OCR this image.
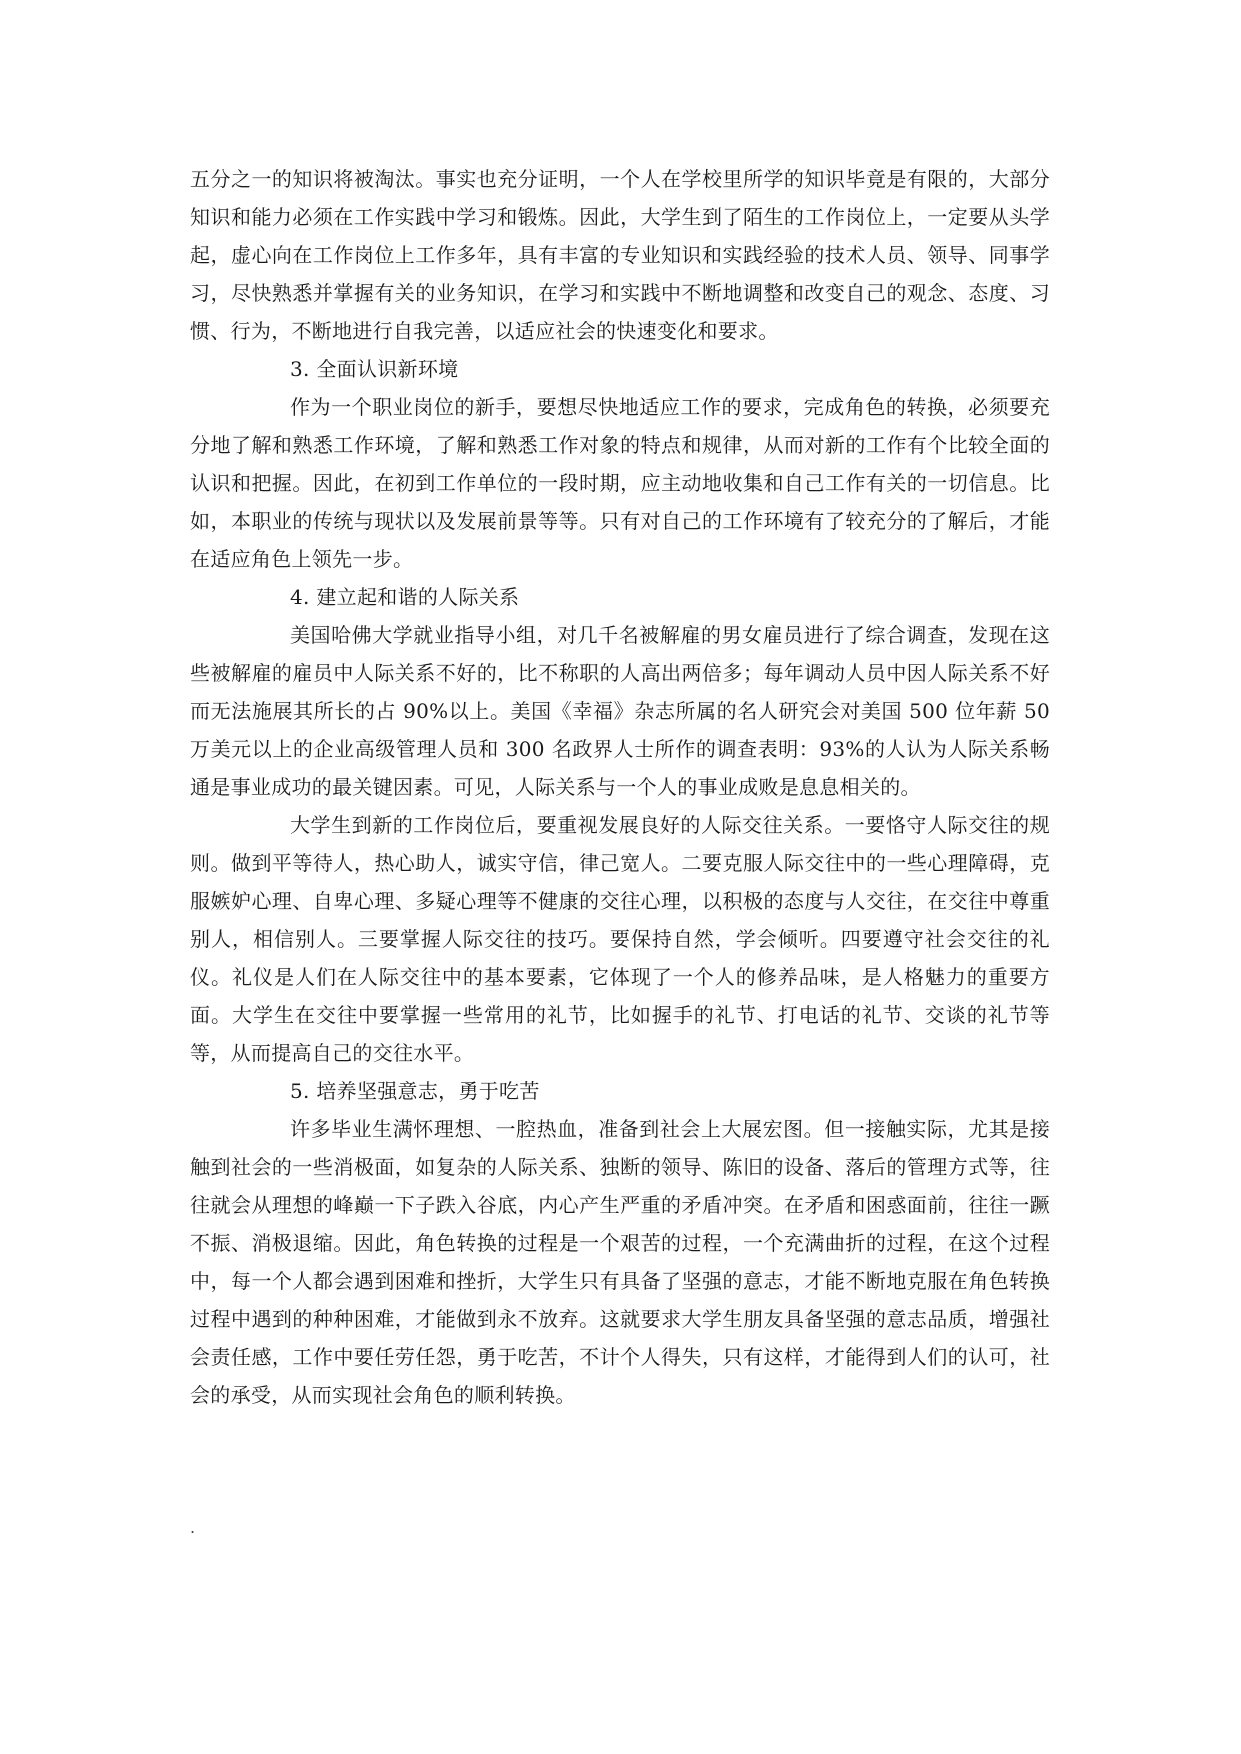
五分之一的知识将被淘汰。事实也充分证明，一个人在学校里所学的知识毕竟是有限的，大部分知识和能力必须在工作实践中学习和锻炼。因此，大学生到了陌生的工作岗位上，一定要从头学起，虚心向在工作岗位上工作多年，具有丰富的专业知识和实践经验的技术人员、领导、同事学习，尽快熟悉并掌握有关的业务知识，在学习和实践中不断地调整和改变自己的观念、态度、习惯、行为，不断地进行自我完善，以适应社会的快速变化和要求。

3. 全面认识新环境

作为一个职业岗位的新手，要想尽快地适应工作的要求，完成角色的转换，必须要充分地了解和熟悉工作环境，了解和熟悉工作对象的特点和规律，从而对新的工作有个比较全面的认识和把握。因此，在初到工作单位的一段时期，应主动地收集和自己工作有关的一切信息。比如，本职业的传统与现状以及发展前景等等。只有对自己的工作环境有了较充分的了解后，才能在适应角色上领先一步。

4. 建立起和谐的人际关系

美国哈佛大学就业指导小组，对几千名被解雇的男女雇员进行了综合调查，发现在这些被解雇的雇员中人际关系不好的，比不称职的人高出两倍多；每年调动人员中因人际关系不好而无法施展其所长的占 90%以上。美国《幸福》杂志所属的名人研究会对美国 500 位年薪 50 万美元以上的企业高级管理人员和 300 名政界人士所作的调查表明：93%的人认为人际关系畅通是事业成功的最关键因素。可见，人际关系与一个人的事业成败是息息相关的。

大学生到新的工作岗位后，要重视发展良好的人际交往关系。一要恪守人际交往的规则。做到平等待人，热心助人，诚实守信，律己宽人。二要克服人际交往中的一些心理障碍，克服嫉妒心理、自卑心理、多疑心理等不健康的交往心理，以积极的态度与人交往，在交往中尊重别人，相信别人。三要掌握人际交往的技巧。要保持自然，学会倾听。四要遵守社会交往的礼仪。礼仪是人们在人际交往中的基本要素，它体现了一个人的修养品味，是人格魅力的重要方面。大学生在交往中要掌握一些常用的礼节，比如握手的礼节、打电话的礼节、交谈的礼节等等，从而提高自己的交往水平。

5. 培养坚强意志，勇于吃苦

许多毕业生满怀理想、一腔热血，准备到社会上大展宏图。但一接触实际，尤其是接触到社会的一些消极面，如复杂的人际关系、独断的领导、陈旧的设备、落后的管理方式等，往往就会从理想的峰巅一下子跌入谷底，内心产生严重的矛盾冲突。在矛盾和困惑面前，往往一蹶不振、消极退缩。因此，角色转换的过程是一个艰苦的过程，一个充满曲折的过程，在这个过程中，每一个人都会遇到困难和挫折，大学生只有具备了坚强的意志，才能不断地克服在角色转换过程中遇到的种种困难，才能做到永不放弃。这就要求大学生朋友具备坚强的意志品质，增强社会责任感，工作中要任劳任怨，勇于吃苦，不计个人得失，只有这样，才能得到人们的认可，社会的承受，从而实现社会角色的顺利转换。

.
